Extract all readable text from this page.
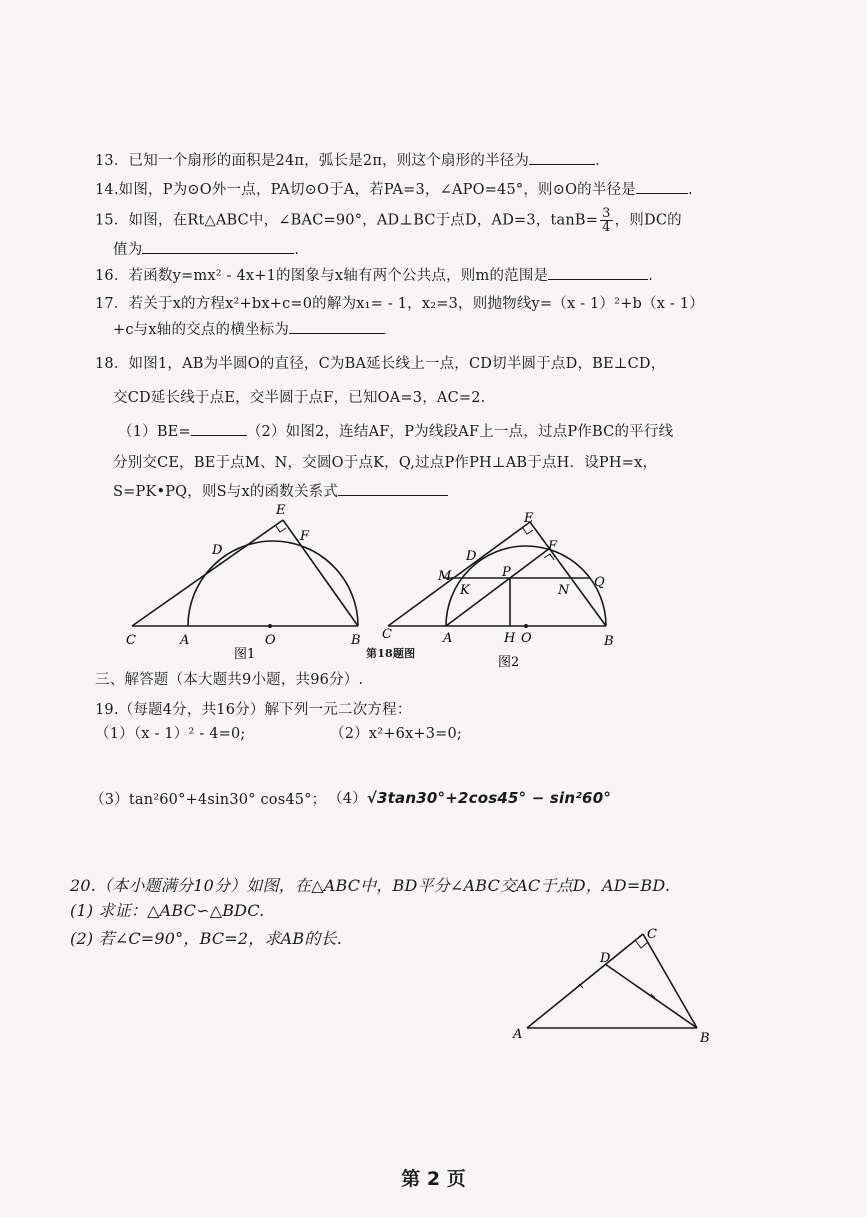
13．已知一个扇形的面积是24π，弧长是2π，则这个扇形的半径为	．
14.如图，P为⊙O外一点，PA切⊙O于A，若PA=3，∠APO=45°，则⊙O的半径是	.
15．如图，在Rt△ABC中，∠BAC=90°，AD⊥BC于点D，AD=3，$\tan B= \frac{3}{4}$ ，则DC的
值为	．
16．若函数y=mx² - 4x+1的图象与x轴有两个公共点，则m的范围是	.
17．若关于x的方程x²+bx+c=0的解为x₁= - 1，x₂=3，则抛物线y=（x - 1）²+b（x - 1）
+c与x轴的交点的横坐标为
18．如图1，AB为半圆O的直径，C为BA延长线上一点，CD切半圆于点D，BE⊥CD，
交CD延长线于点E，交半圆于点F，已知OA=3，AC=2.
（1）BE=	（2）如图2，连结AF，P为线段AF上一点，过点P作BC的平行线
分别交CE，BE于点M、N，交圆O于点K，Q,过点P作PH⊥AB于点H．设PH=x，
S=PK•PQ，则S与x的函数关系式
E
F
D
C	A	O	B
图1	第18题图
E
D
F
M	P
Q
K	N
C	A	H O	B
图2
三、解答题（本大题共9小题，共96分）.
19.（每题4分，共16分）解下列一元二次方程：
（1）（x - 1）² - 4=0;	（2）x²+6x+3=0;
（3）tan²60°+4sin30° cos45°； （4）√3tan30°+2cos45° − sin²60°
20.（本小题满分10分）如图，在△ABC中，BD平分∠ABC交AC于点D，AD=BD.
(1) 求证：△ABC∽△BDC.
(2) 若∠C=90°，BC=2，求AB的长.	C
D
A	B
第 2 页
